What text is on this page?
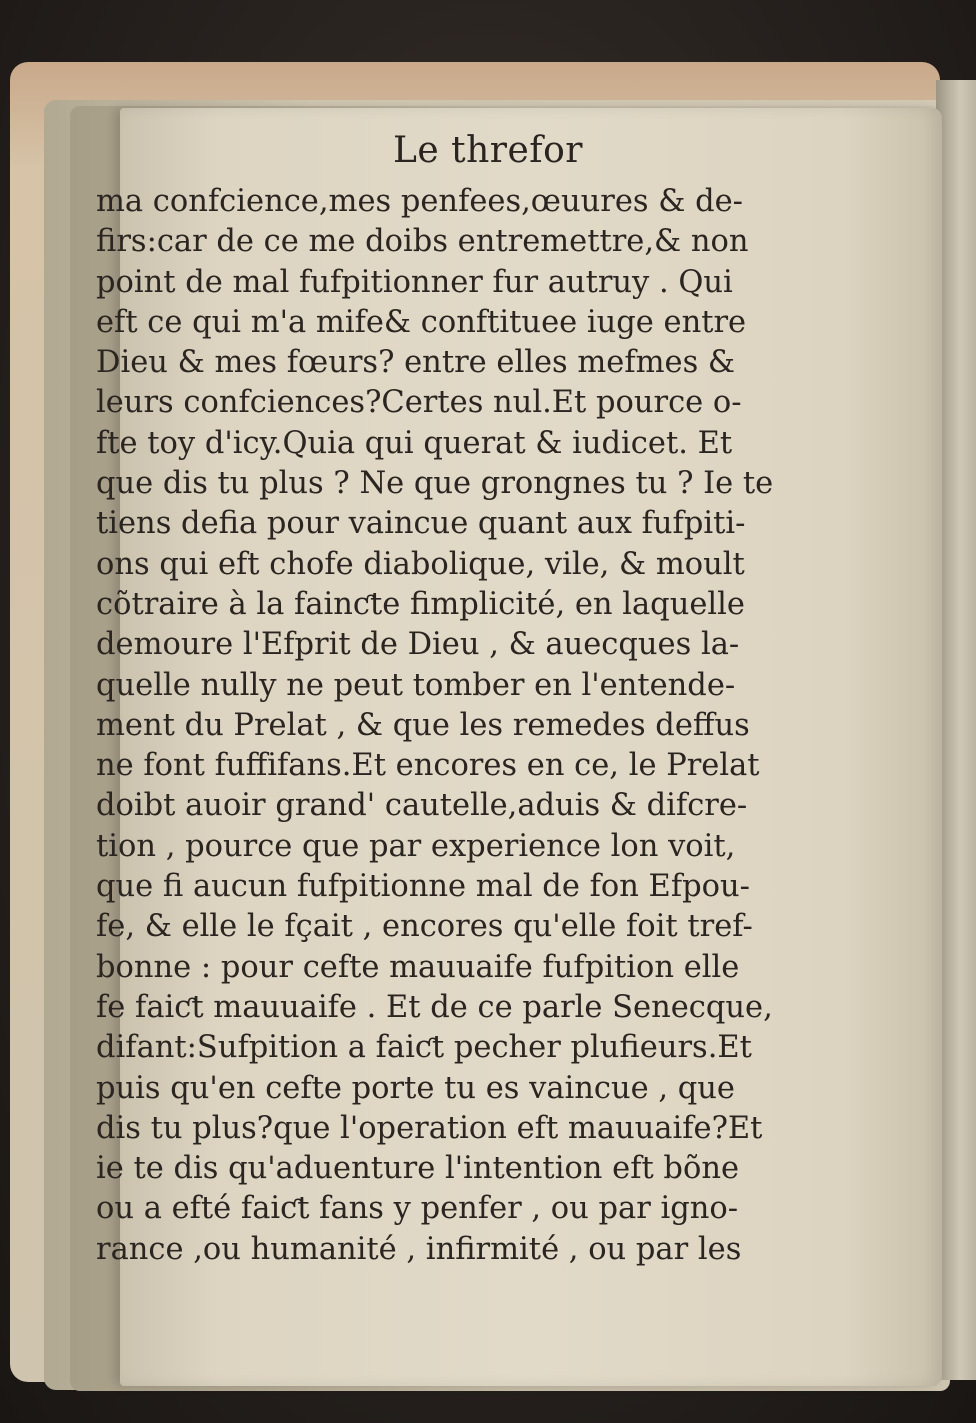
Le threfor
ma confcience,mes penfees,œuures & de-
firs:car de ce me doibs entremettre,& non
point de mal fufpitionner fur autruy . Qui
eft ce qui m'a mife& conftituee iuge entre
Dieu & mes fœurs? entre elles mefmes &
leurs confciences?Certes nul.Et pource o-
fte toy d'icy.Quia qui querat & iudicet. Et
que dis tu plus ? Ne que grongnes tu ? Ie te
tiens defia pour vaincue quant aux fufpiti-
ons qui eft chofe diabolique, vile, & moult
cõtraire à la fainƈte fimplicité, en laquelle
demoure l'Efprit de Dieu , & auecques la-
quelle nully ne peut tomber en l'entende-
ment du Prelat , & que les remedes deffus
ne font fuffifans.Et encores en ce, le Prelat
doibt auoir grand' cautelle,aduis & difcre-
tion , pource que par experience lon voit,
que fi aucun fufpitionne mal de fon Efpou-
fe, & elle le fçait , encores qu'elle foit tref-
bonne : pour cefte mauuaife fufpition elle
fe faiƈt mauuaife . Et de ce parle Senecque,
difant:Sufpition a faiƈt pecher plufieurs.Et
puis qu'en cefte porte tu es vaincue , que
dis tu plus?que l'operation eft mauuaife?Et
ie te dis qu'aduenture l'intention eft bõne
ou a efté faiƈt fans y penfer , ou par igno-
rance ,ou humanité , infirmité , ou par les
